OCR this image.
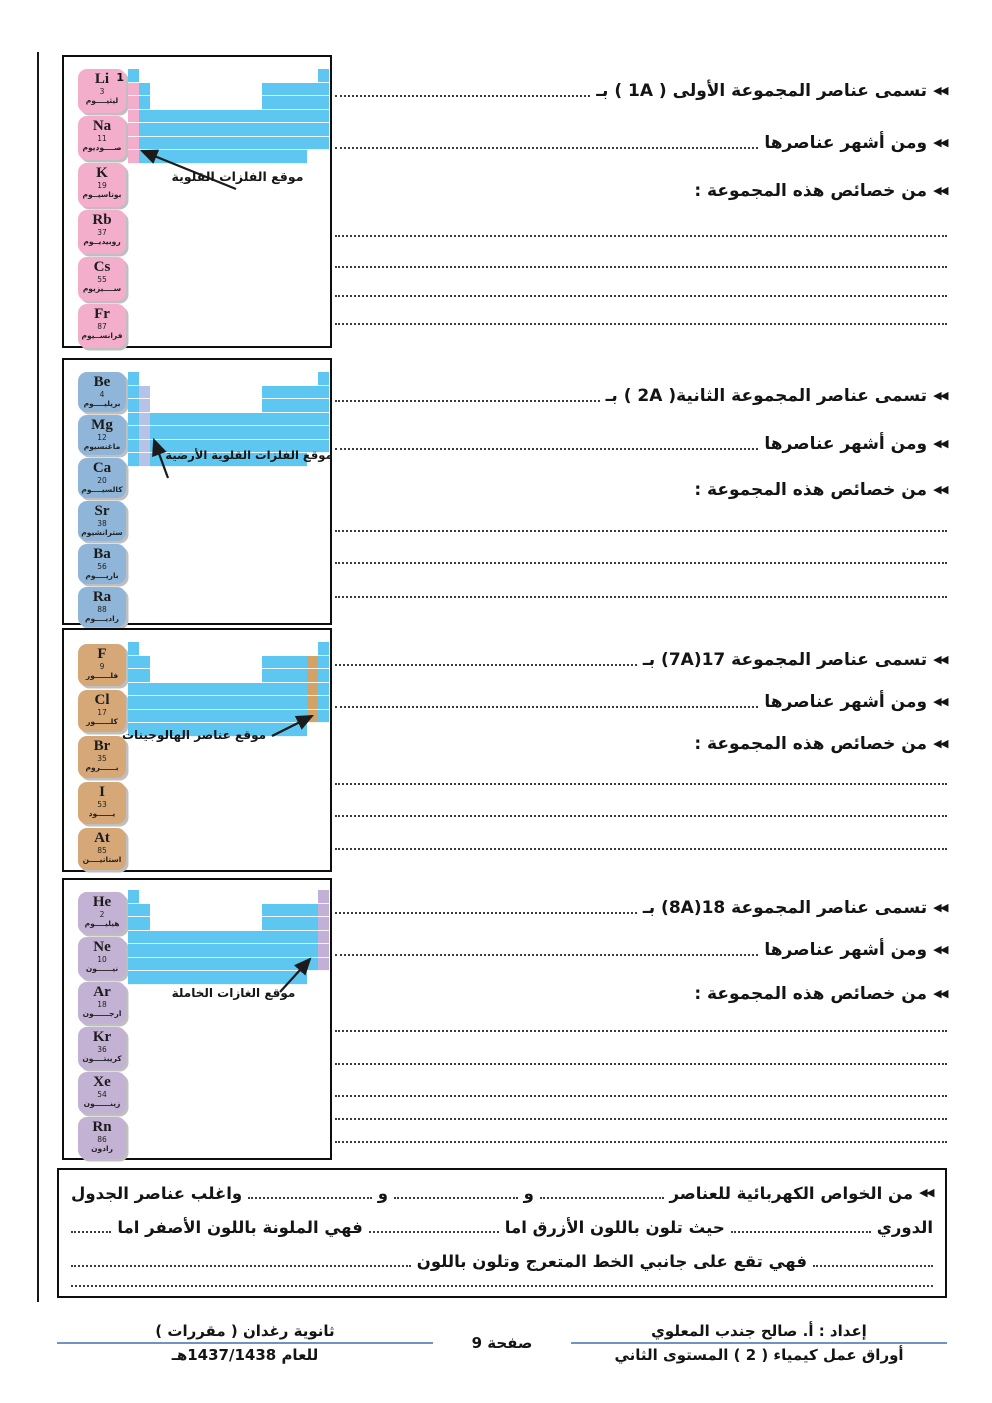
Li
3
ليثيــــوم
Na
11
صــــوديوم
K
19
بوتاسيــوم
Rb
37
روبيديــوم
Cs
55
ســــيزيوم
Fr
87
فرانســيوم
1
موقع الفلزات القلوية
◀◀
تسمى عناصر المجموعة الأولى ( 1A ) بـ
◀◀
ومن أشهر عناصرها
◀◀
من خصائص هذه المجموعة :
Be
4
بريليــــوم
Mg
12
ماغنسيوم
Ca
20
كالسيــــوم
Sr
38
سترانشيوم
Ba
56
باريــــوم
Ra
88
راديــــوم
موقع الفلزات القلوية الأرضية
◀◀
تسمى عناصر المجموعة الثانية( 2A ) بـ
◀◀
ومن أشهر عناصرها
◀◀
من خصائص هذه المجموعة :
F
9
فلــــــور
Cl
17
كلــــــور
Br
35
بــــــروم
I
53
يــــــود
At
85
استاتيــــن
موقع عناصر الهالوجينات
◀◀
تسمى عناصر المجموعة 17(7A) بـ
◀◀
ومن أشهر عناصرها
◀◀
من خصائص هذه المجموعة :
He
2
هيليــــوم
Ne
10
نيــــــون
Ar
18
أرجــــــون
Kr
36
كريبتــــون
Xe
54
زينــــــون
Rn
86
رادون
موقع الغازات الخاملة
◀◀
تسمى عناصر المجموعة 18(8A) بـ
◀◀
ومن أشهر عناصرها
◀◀
من خصائص هذه المجموعة :
◀◀
من الخواص الكهربائية للعناصر
و
و
واغلب عناصر الجدول
الدوري
حيث تلون باللون الأزرق اما
فهي الملونة باللون الأصفر اما
فهي تقع على جانبي الخط المتعرج وتلون باللون
ثانوية رغدان ( مقررات )
للعام 1437/1438هـ
صفحة 9
إعداد : أ. صالح جندب المعلوي
أوراق عمل كيمياء ( 2 ) المستوى الثاني
